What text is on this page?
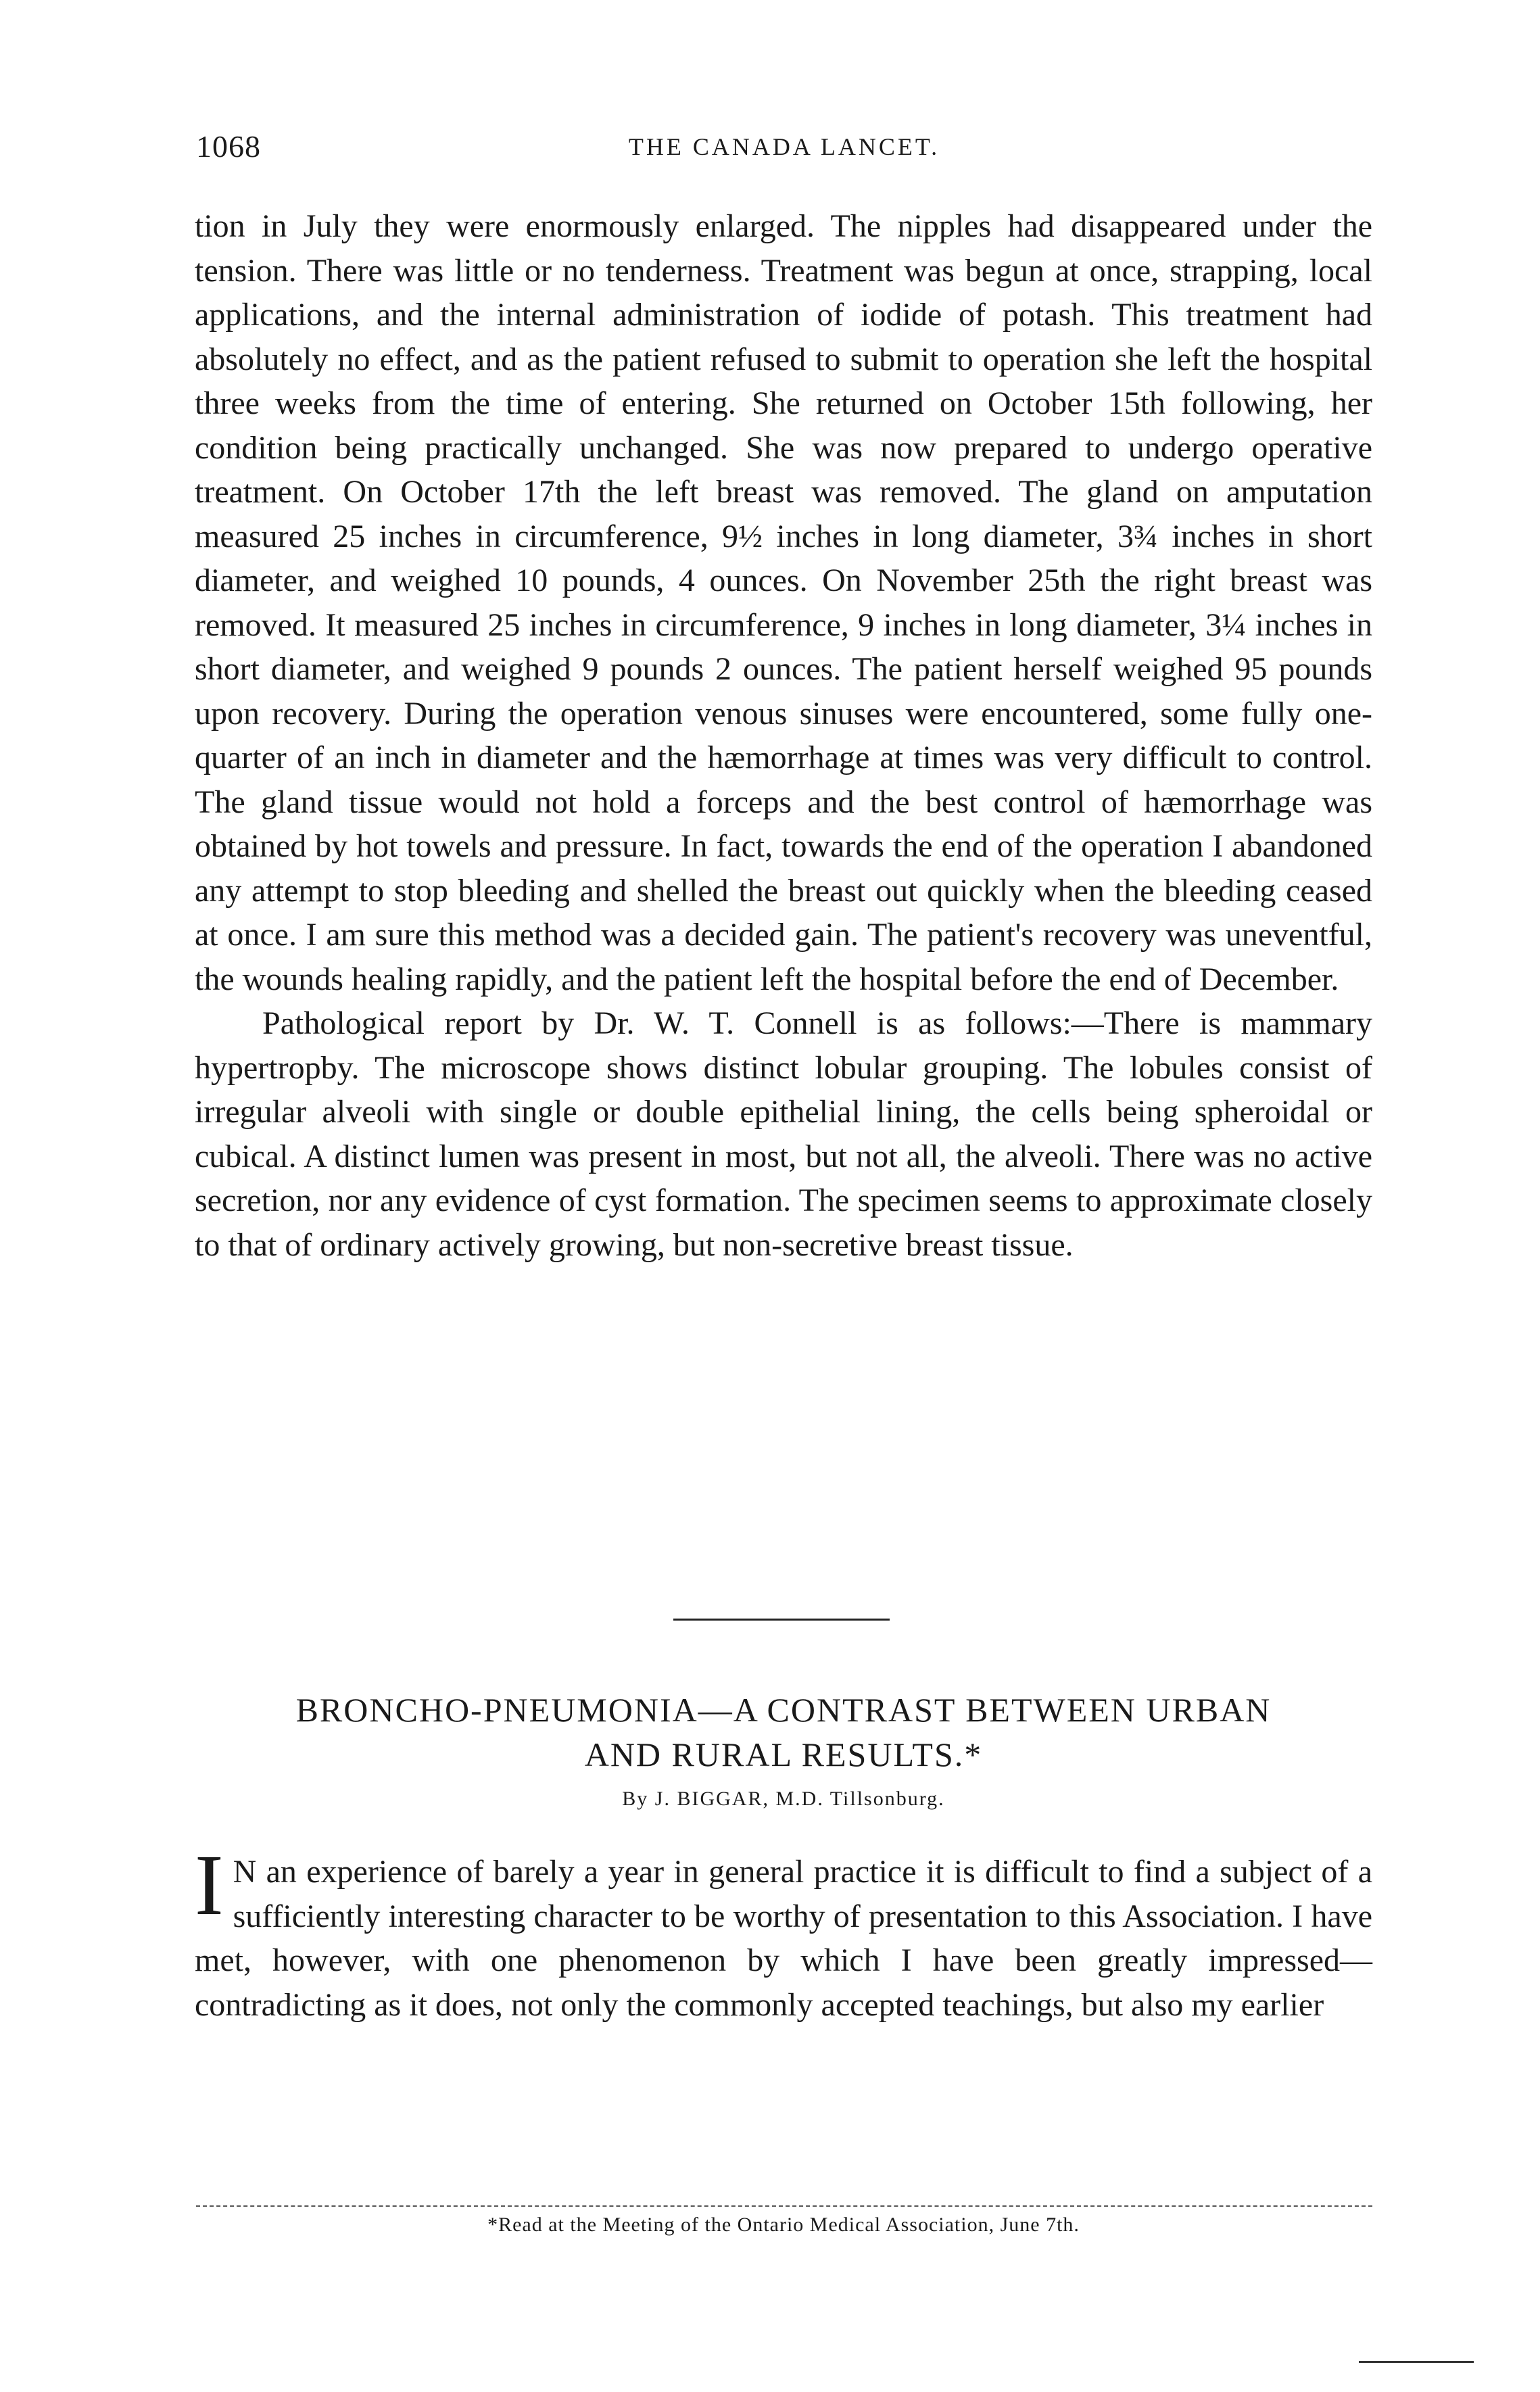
1068	THE CANADA LANCET.

tion in July they were enormously enlarged. The nipples had disappeared under the tension. There was little or no tenderness. Treatment was begun at once, strapping, local applications, and the internal administration of iodide of potash. This treatment had absolutely no effect, and as the patient refused to submit to operation she left the hospital three weeks from the time of entering. She returned on October 15th following, her condition being practically unchanged. She was now prepared to undergo operative treatment. On October 17th the left breast was removed. The gland on amputation measured 25 inches in circumference, 9½ inches in long diameter, 3¾ inches in short diameter, and weighed 10 pounds, 4 ounces. On November 25th the right breast was removed. It measured 25 inches in circumference, 9 inches in long diameter, 3¼ inches in short diameter, and weighed 9 pounds 2 ounces. The patient herself weighed 95 pounds upon recovery. During the operation venous sinuses were encountered, some fully one-quarter of an inch in diameter and the hæmorrhage at times was very difficult to control. The gland tissue would not hold a forceps and the best control of hæmorrhage was obtained by hot towels and pressure. In fact, towards the end of the operation I abandoned any attempt to stop bleeding and shelled the breast out quickly when the bleeding ceased at once. I am sure this method was a decided gain. The patient's recovery was uneventful, the wounds healing rapidly, and the patient left the hospital before the end of December.

Pathological report by Dr. W. T. Connell is as follows:—There is mammary hypertropby. The microscope shows distinct lobular grouping. The lobules consist of irregular alveoli with single or double epithelial lining, the cells being spheroidal or cubical. A distinct lumen was present in most, but not all, the alveoli. There was no active secretion, nor any evidence of cyst formation. The specimen seems to approximate closely to that of ordinary actively growing, but non-secretive breast tissue.

BRONCHO-PNEUMONIA—A CONTRAST BETWEEN URBAN
AND RURAL RESULTS.*
By J. BIGGAR, M.D. Tillsonburg.

I N an experience of barely a year in general practice it is difficult to find a subject of a sufficiently interesting character to be worthy of presentation to this Association. I have met, however, with one phenomenon by which I have been greatly impressed—contradicting as it does, not only the commonly accepted teachings, but also my earlier

*Read at the Meeting of the Ontario Medical Association, June 7th.
